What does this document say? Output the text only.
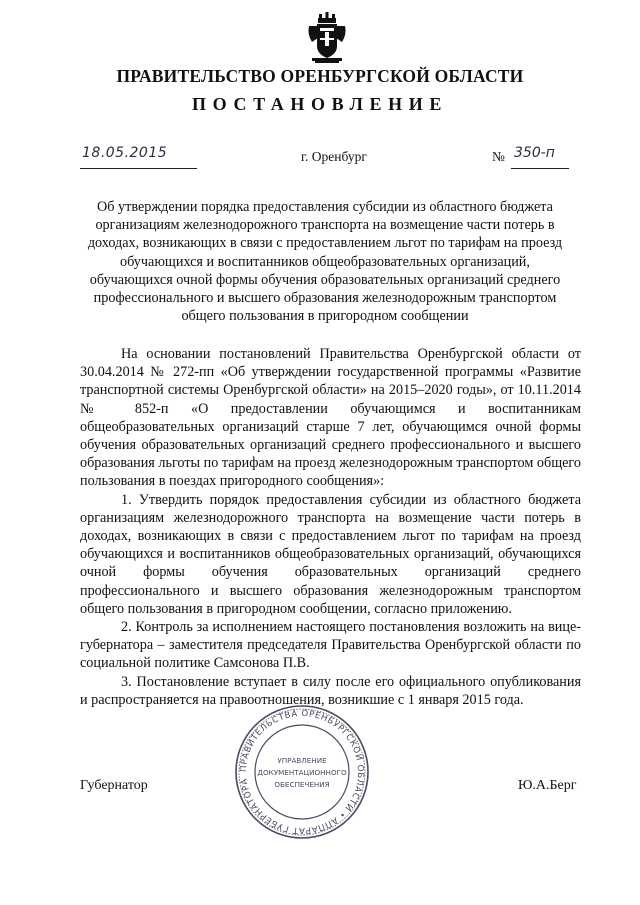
ПРАВИТЕЛЬСТВО ОРЕНБУРГСКОЙ ОБЛАСТИ
ПОСТАНОВЛЕНИЕ
18.05.2015	г. Оренбург	№ 350-п
Об утверждении порядка предоставления субсидии из областного бюджета организациям железнодорожного транспорта на возмещение части потерь в доходах, возникающих в связи с предоставлением льгот по тарифам на проезд обучающихся и воспитанников общеобразовательных организаций, обучающихся очной формы обучения образовательных организаций среднего профессионального и высшего образования железнодорожным транспортом общего пользования в пригородном сообщении

На основании постановлений Правительства Оренбургской области от 30.04.2014 № 272-пп «Об утверждении государственной программы «Развитие транспортной системы Оренбургской области» на 2015–2020 годы», от 10.11.2014 № 852-п «О предоставлении обучающимся и воспитанникам общеобразовательных организаций старше 7 лет, обучающимся очной формы обучения образовательных организаций среднего профессионального и высшего образования льготы по тарифам на проезд железнодорожным транспортом общего пользования в поездах пригородного сообщения»:

1. Утвердить порядок предоставления субсидии из областного бюджета организациям железнодорожного транспорта на возмещение части потерь в доходах, возникающих в связи с предоставлением льгот по тарифам на проезд обучающихся и воспитанников общеобразовательных организаций, обучающихся очной формы обучения образовательных организаций среднего профессионального и высшего образования железнодорожным транспортом общего пользования в пригородном сообщении, согласно приложению.

2. Контроль за исполнением настоящего постановления возложить на вице-губернатора – заместителя председателя Правительства Оренбургской области по социальной политике Самсонова П.В.

3. Постановление вступает в силу после его официального опубликования и распространяется на правоотношения, возникшие с 1 января 2015 года.

Губернатор	Ю.А.Берг
ПРАВИТЕЛЬСТВА ОРЕНБУРГСКОЙ ОБЛАСТИ • АППАРАТ ГУБЕРНАТОРА
УПРАВЛЕНИЕ
ДОКУМЕНТАЦИОННОГО
ОБЕСПЕЧЕНИЯ
